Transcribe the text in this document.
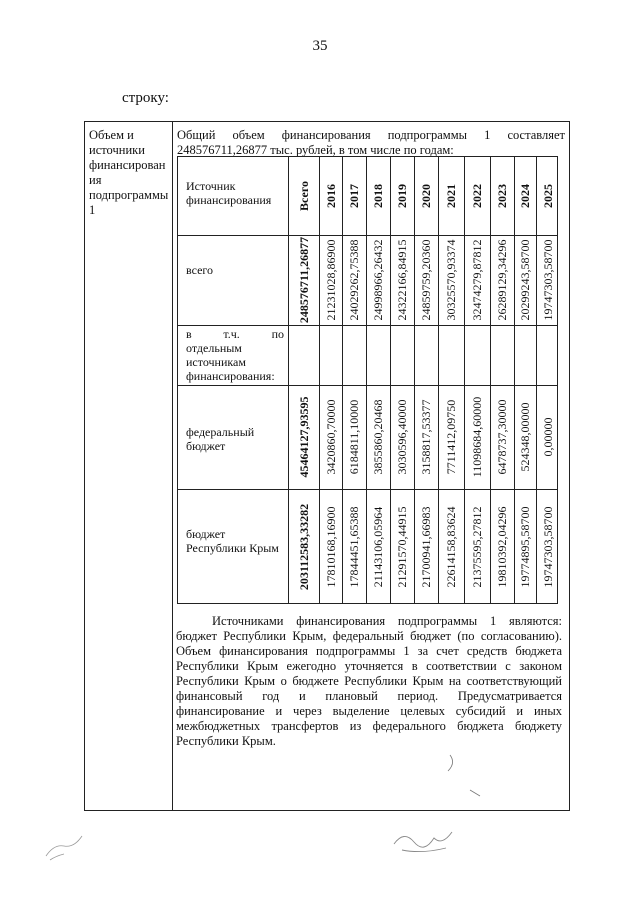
35
строку:
Объем и источники финансирован ия подпрограммы 1
Общий объем финансирования подпрограммы 1 составляет
248576711,26877 тыс. рублей, в том числе по годам:
Источник финансирования
всего
в т.ч. по
отдельным
источникам
финансирования:
федеральный бюджет
бюджет Республики Крым
Всего 2016 2017 2018 2019 2020 2021 2022 2023 2024 2025
248576711,26877 21231028,86900 24029262,75388 24998966,26432 24322166,84915 24859759,20360 30325570,93374 32474279,87812 26289129,34296 20299243,58700 19747303,58700
45464127,93595 3420860,70000 6184811,10000 3855860,20468 3030596,40000 3158817,53377 7711412,09750 11098684,60000 6478737,30000 524348,00000 0,00000
203112583,33282 17810168,16900 17844451,65388 21143106,05964 21291570,44915 21700941,66983 22614158,83624 21375595,27812 19810392,04296 19774895,58700 19747303,58700
Источниками финансирования подпрограммы 1 являются:
бюджет Республики Крым, федеральный бюджет (по согласованию).
Объем финансирования подпрограммы 1 за счет средств бюджета
Республики Крым ежегодно уточняется в соответствии с законом
Республики Крым о бюджете Республики Крым на соответствующий
финансовый год и плановый период. Предусматривается
финансирование и через выделение целевых субсидий и иных
межбюджетных трансфертов из федерального бюджета бюджету
Республики Крым.
